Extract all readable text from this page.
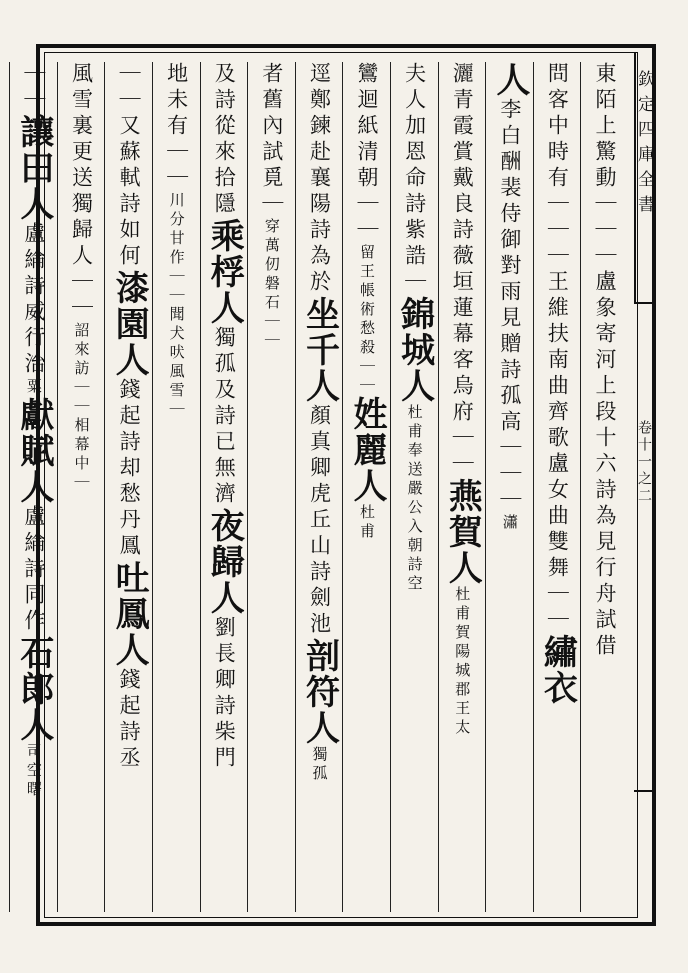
欽定四庫全書
卷十一之二
東陌上驚動｜｜｜盧象寄河上段十六詩為見行舟試借
問客中時有｜｜｜王維扶南曲齊歌盧女曲雙舞｜｜繡衣
人李白酬裴侍御對雨見贈詩孤高｜｜｜瀟
灑青霞賞戴良詩薇垣蓮幕客烏府｜｜燕賀人杜甫賀陽城郡王太
夫人加恩命詩紫誥｜錦城人杜甫奉送嚴公入朝詩空
鸞迴紙清朝｜｜留王帳術愁殺｜｜姓麗人杜甫
逕鄭鍊赴襄陽詩為於坐千人顏真卿虎丘山詩劍池剖符人獨孤
者舊內試覓｜穿萬仞磐石｜｜
及詩從來拾隱乘桴人獨孤及詩已無濟夜歸人劉長卿詩柴門
地未有｜｜川分甘作｜｜聞犬吠風雪｜
｜｜又蘇軾詩如何漆園人錢起詩却愁丹鳳吐鳳人錢起詩丞
風雪裏更送獨歸人｜｜詔來訪｜｜相幕中｜
｜｜讓田人盧綸詩威行治粟獻賦人盧綸詩同作石郎人司空曙
